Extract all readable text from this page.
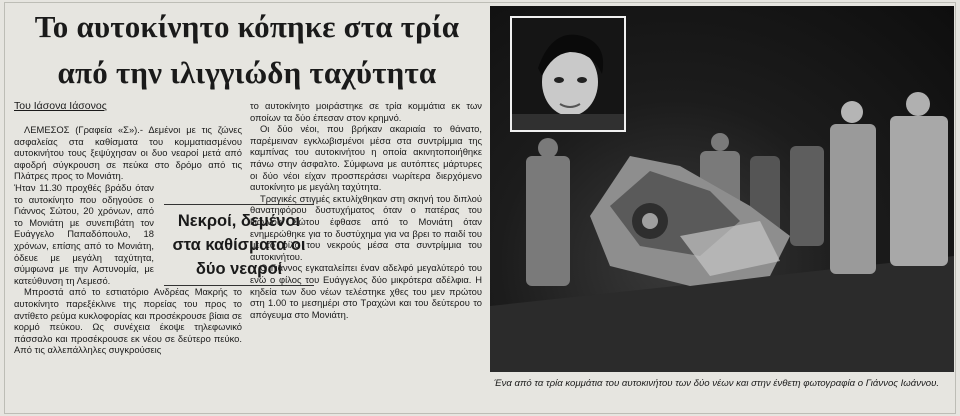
Το αυτοκίνητο κόπηκε στα τρία
από την ιλιγγιώδη ταχύτητα
Του Ιάσονα Ιάσονος

ΛΕΜΕΣΟΣ (Γραφεία «Σ»).- Δεμένοι με τις ζώνες ασφαλείας στα καθίσματα του κομματιασμένου αυτοκινήτου τους ξεψύχησαν οι δυο νεαροί μετά από αφοδρή σύγκρουση σε πεύκα στο δρόμο από τις Πλάτρες προς το Μονιάτη.

Ήταν 11.30 προχθές βράδυ όταν το αυτοκίνητο που οδηγούσε ο Γιάννος Σώτου, 20 χρόνων, από το Μονιάτη με συνεπιβάτη τον Ευάγγελο Παπαδόπουλο, 18 χρόνων, επίσης από το Μονιάτη, όδευε με μεγάλη ταχύτητα, σύμφωνα με την Αστυνομία, με κατεύθυνση τη Λεμεσό.

Μπροστά από το εστιατόριο Ανδρέας Μακρής το αυτοκίνητο παρεξέκλινε της πορείας του προς το αντίθετο ρεύμα κυκλοφορίας και προσέκρουσε βίαια σε κορμό πεύκου. Ως συνέχεια έκοψε τηλεφωνικό πάσσαλο και προσέκρουσε εκ νέου σε δεύτερο πεύκο. Από τις αλλεπάλληλες συγκρούσεις

Νεκροί, δεμένοι στα καθίσματα οι δύο νεαροί

το αυτοκίνητο μοιράστηκε σε τρία κομμάτια εκ των οποίων τα δύο έπεσαν στον κρημνό.

Οι δύο νέοι, που βρήκαν ακαριαία το θάνατο, παρέμειναν εγκλωβισμένοι μέσα στα συντρίμμια της καμπίνας του αυτοκινήτου η οποία ακινητοποιήθηκε πάνω στην άσφαλτο. Σύμφωνα με αυτόπτες μάρτυρες οι δύο νέοι είχαν προσπεράσει νωρίτερα διερχόμενο αυτοκίνητο με μεγάλη ταχύτητα.

Τραγικές στιγμές εκτυλίχθηκαν στη σκηνή του διπλού θανατηφόρου δυστυχήματος όταν ο πατέρας του Γιάννου Σώτου έφθασε από το Μονιάτη όταν ενημερώθηκε για το δυστύχημα για να βρει το παιδί του με το φίλο του νεκρούς μέσα στα συντρίμμια του αυτοκινήτου.

Ο Γιάννος εγκαταλείπει έναν αδελφό μεγαλύτερό του ενώ ο φίλος του Ευάγγελος δύο μικρότερα αδέλφια. Η κηδεία των δυο νέων τελέστηκε χθες του μεν πρώτου στη 1.00 το μεσημέρι στο Τραχώνι και του δεύτερου το απόγευμα στο Μονιάτη.

Ένα από τα τρία κομμάτια του αυτοκινήτου των δύο νέων και στην ένθετη φωτογραφία ο Γιάννος Ιωάννου.
